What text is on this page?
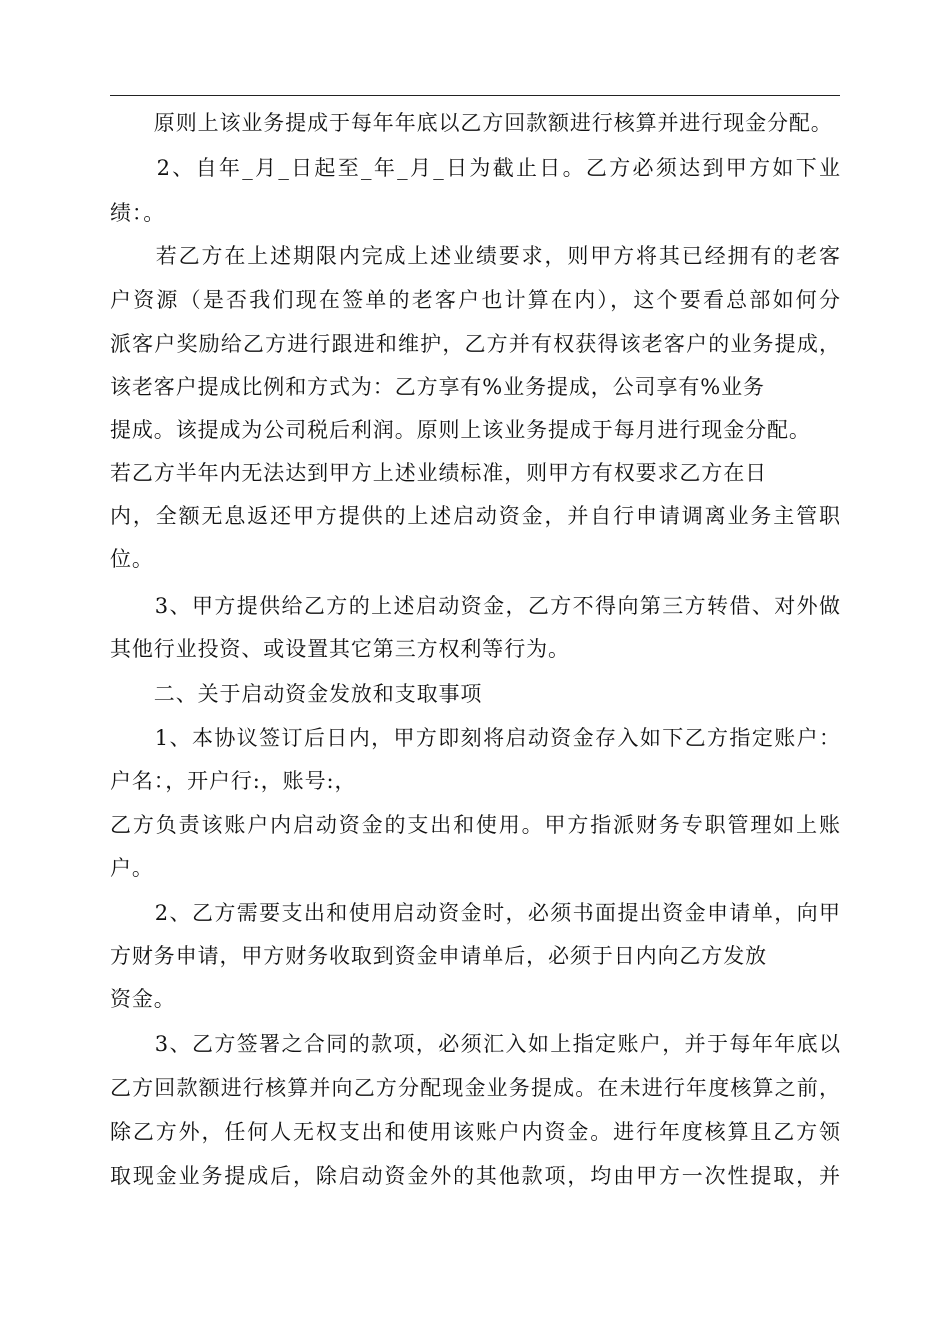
　　原则上该业务提成于每年年底以乙方回款额进行核算并进行现金分配。
　　2、自年_月_日起至_年_月_日为截止日。乙方必须达到甲方如下业
绩：。
　　若乙方在上述期限内完成上述业绩要求，则甲方将其已经拥有的老客
户资源（是否我们现在签单的老客户也计算在内），这个要看总部如何分
派客户奖励给乙方进行跟进和维护，乙方并有权获得该老客户的业务提成，
该老客户提成比例和方式为：乙方享有%业务提成，公司享有%业务
提成。该提成为公司税后利润。原则上该业务提成于每月进行现金分配。
若乙方半年内无法达到甲方上述业绩标准，则甲方有权要求乙方在日
内，全额无息返还甲方提供的上述启动资金，并自行申请调离业务主管职
位。
　　3、甲方提供给乙方的上述启动资金，乙方不得向第三方转借、对外做
其他行业投资、或设置其它第三方权利等行为。
　　二、关于启动资金发放和支取事项
　　1、本协议签订后日内，甲方即刻将启动资金存入如下乙方指定账户：
户名：，开户行:，账号:，
乙方负责该账户内启动资金的支出和使用。甲方指派财务专职管理如上账
户。
　　2、乙方需要支出和使用启动资金时，必须书面提出资金申请单，向甲
方财务申请，甲方财务收取到资金申请单后，必须于日内向乙方发放
资金。
　　3、乙方签署之合同的款项，必须汇入如上指定账户，并于每年年底以
乙方回款额进行核算并向乙方分配现金业务提成。在未进行年度核算之前，
除乙方外，任何人无权支出和使用该账户内资金。进行年度核算且乙方领
取现金业务提成后，除启动资金外的其他款项，均由甲方一次性提取，并
